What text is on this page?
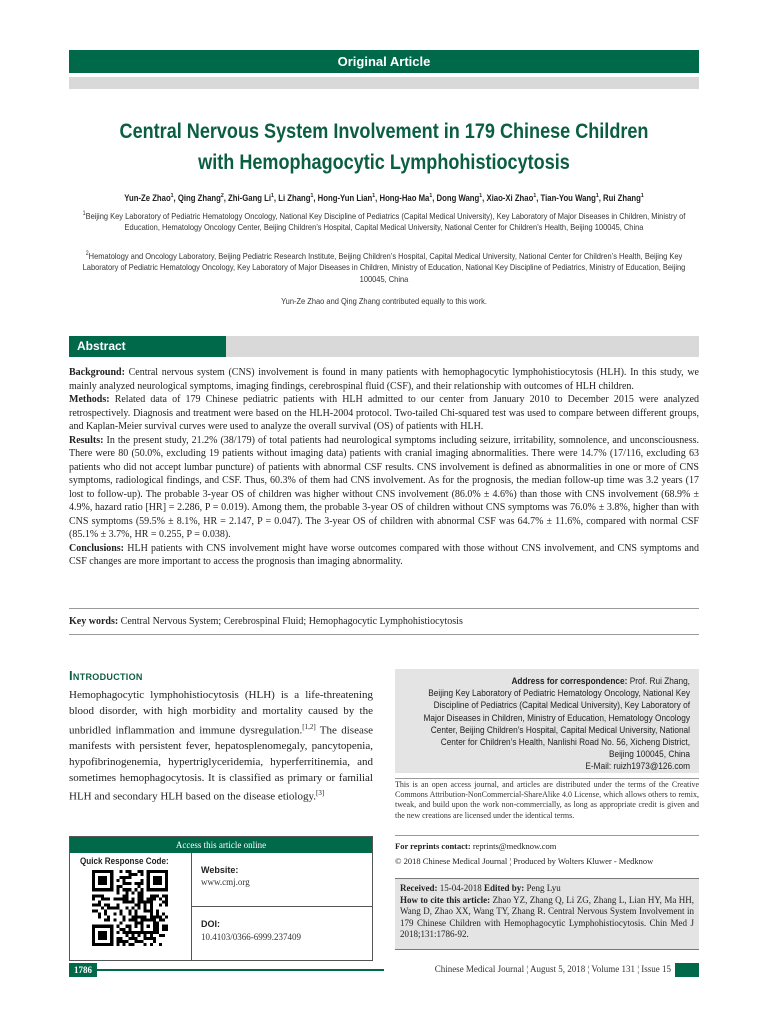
Original Article
Central Nervous System Involvement in 179 Chinese Children
with Hemophagocytic Lymphohistiocytosis
Yun-Ze Zhao$^1$, Qing Zhang$^2$, Zhi-Gang Li$^1$, Li Zhang$^1$, Hong-Yun Lian$^1$, Hong-Hao Ma$^1$, Dong Wang$^1$, Xiao-Xi Zhao$^1$, Tian-You Wang$^1$, Rui Zhang$^1$
$^1$Beijing Key Laboratory of Pediatric Hematology Oncology, National Key Discipline of Pediatrics (Capital Medical University), Key Laboratory of Major Diseases in Children, Ministry of Education, Hematology Oncology Center, Beijing Children’s Hospital, Capital Medical University, National Center for Children’s Health, Beijing 100045, China
$^2$Hematology and Oncology Laboratory, Beijing Pediatric Research Institute, Beijing Children’s Hospital, Capital Medical University, National Center for Children’s Health, Beijing Key Laboratory of Pediatric Hematology Oncology, Key Laboratory of Major Diseases in Children, Ministry of Education, National Key Discipline of Pediatrics, Ministry of Education, Beijing 100045, China
Yun-Ze Zhao and Qing Zhang contributed equally to this work.
Abstract

Background: Central nervous system (CNS) involvement is found in many patients with hemophagocytic lymphohistiocytosis (HLH). In this study, we mainly analyzed neurological symptoms, imaging findings, cerebrospinal fluid (CSF), and their relationship with outcomes of HLH children.

Methods: Related data of 179 Chinese pediatric patients with HLH admitted to our center from January 2010 to December 2015 were analyzed retrospectively. Diagnosis and treatment were based on the HLH-2004 protocol. Two-tailed Chi-squared test was used to compare between different groups, and Kaplan-Meier survival curves were used to analyze the overall survival (OS) of patients with HLH.

Results: In the present study, 21.2% (38/179) of total patients had neurological symptoms including seizure, irritability, somnolence, and unconsciousness. There were 80 (50.0%, excluding 19 patients without imaging data) patients with cranial imaging abnormalities. There were 14.7% (17/116, excluding 63 patients who did not accept lumbar puncture) of patients with abnormal CSF results. CNS involvement is defined as abnormalities in one or more of CNS symptoms, radiological findings, and CSF. Thus, 60.3% of them had CNS involvement. As for the prognosis, the median follow-up time was 3.2 years (17 lost to follow-up). The probable 3-year OS of children was higher without CNS involvement (86.0% ± 4.6%) than those with CNS involvement (68.9% ± 4.9%, hazard ratio [HR] = 2.286, P = 0.019). Among them, the probable 3-year OS of children without CNS symptoms was 76.0% ± 3.8%, higher than with CNS symptoms (59.5% ± 8.1%, HR = 2.147, P = 0.047). The 3-year OS of children with abnormal CSF was 64.7% ± 11.6%, compared with normal CSF (85.1% ± 3.7%, HR = 0.255, P = 0.038).

Conclusions: HLH patients with CNS involvement might have worse outcomes compared with those without CNS involvement, and CNS symptoms and CSF changes are more important to access the prognosis than imaging abnormality.

Key words: Central Nervous System; Cerebrospinal Fluid; Hemophagocytic Lymphohistiocytosis
Introduction
Hemophagocytic lymphohistiocytosis (HLH) is a life-threatening blood disorder, with high morbidity and mortality caused by the unbridled inflammation and immune dysregulation.[1,2] The disease manifests with persistent fever, hepatosplenomegaly, pancytopenia, hypofibrinogenemia, hypertriglyceridemia, hyperferritinemia, and sometimes hemophagocytosis. It is classified as primary or familial HLH and secondary HLH based on the disease etiology.[3]
Access this article online
Quick Response Code:
Website:
www.cmj.org
DOI:
10.4103/0366-6999.237409
Address for correspondence: Prof. Rui Zhang,
Beijing Key Laboratory of Pediatric Hematology Oncology, National Key Discipline of Pediatrics (Capital Medical University), Key Laboratory of Major Diseases in Children, Ministry of Education, Hematology Oncology Center, Beijing Children’s Hospital, Capital Medical University, National Center for Children’s Health, Nanlishi Road No. 56, Xicheng District, Beijing 100045, China
E-Mail: ruizh1973@126.com
This is an open access journal, and articles are distributed under the terms of the Creative Commons Attribution-NonCommercial-ShareAlike 4.0 License, which allows others to remix, tweak, and build upon the work non-commercially, as long as appropriate credit is given and the new creations are licensed under the identical terms.
For reprints contact: reprints@medknow.com
© 2018 Chinese Medical Journal ¦ Produced by Wolters Kluwer - Medknow
Received: 15-04-2018 Edited by: Peng Lyu
How to cite this article: Zhao YZ, Zhang Q, Li ZG, Zhang L, Lian HY, Ma HH, Wang D, Zhao XX, Wang TY, Zhang R. Central Nervous System Involvement in 179 Chinese Children with Hemophagocytic Lymphohistiocytosis. Chin Med J 2018;131:1786-92.
1786	Chinese Medical Journal ¦ August 5, 2018 ¦ Volume 131 ¦ Issue 15
